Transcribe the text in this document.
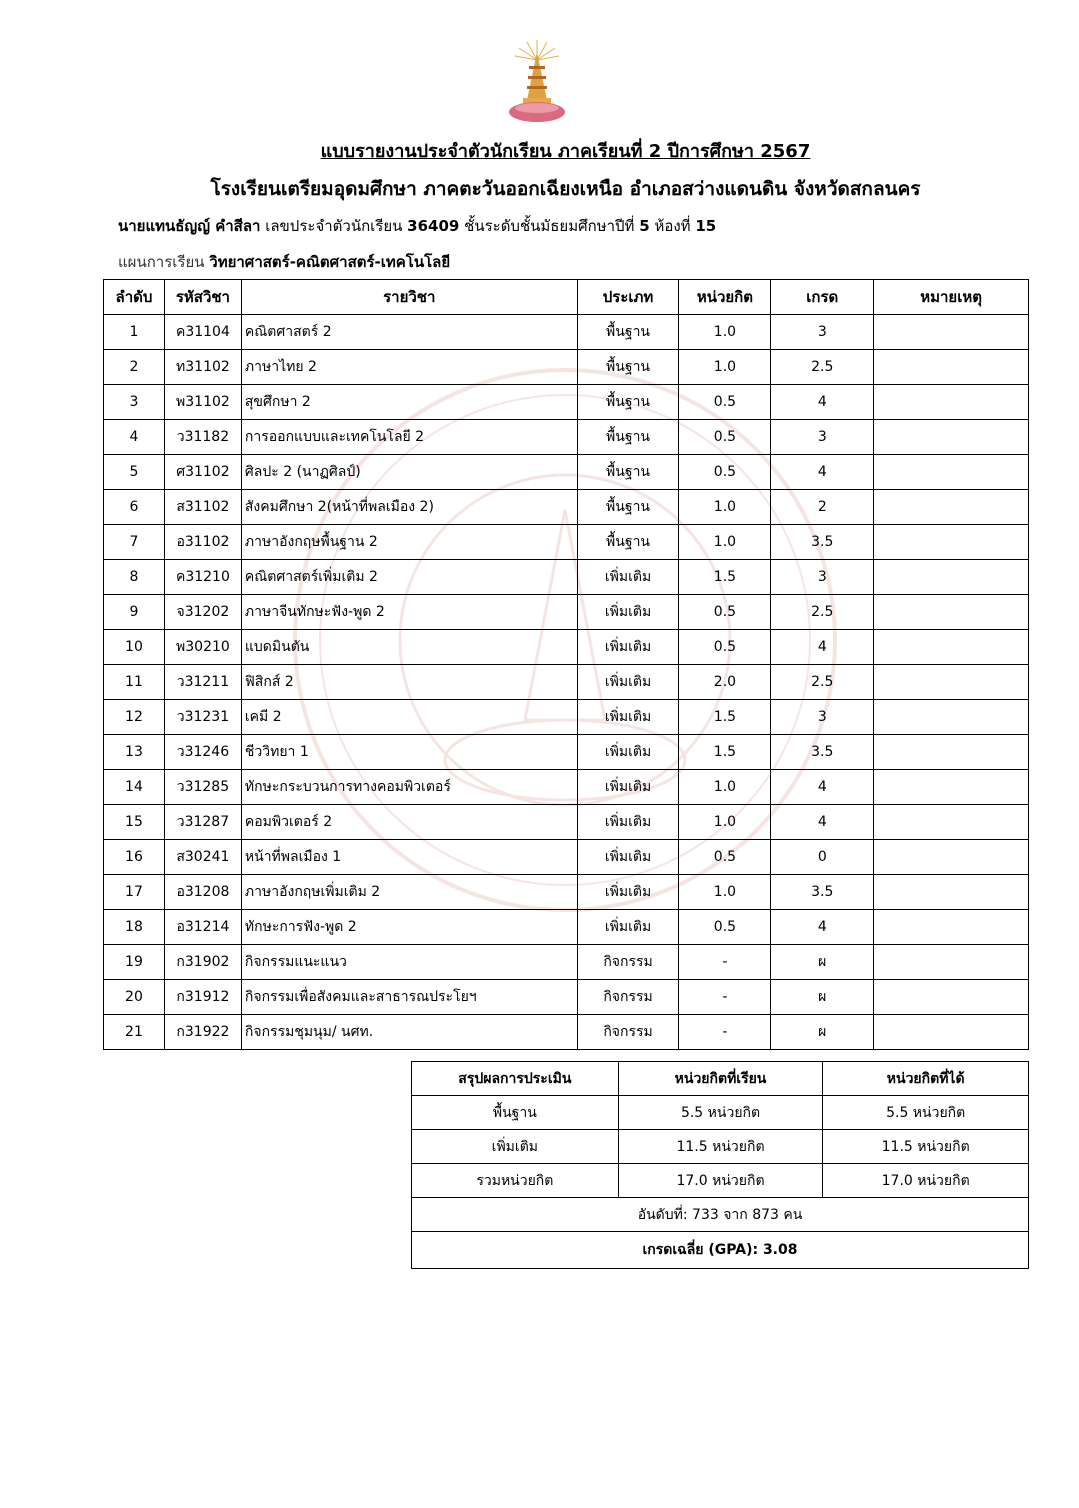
แบบรายงานประจำตัวนักเรียน ภาคเรียนที่ 2 ปีการศึกษา 2567
โรงเรียนเตรียมอุดมศึกษา ภาคตะวันออกเฉียงเหนือ อำเภอสว่างแดนดิน จังหวัดสกลนคร
นายแทนธัญญ์ คำสีลา เลขประจำตัวนักเรียน 36409 ชั้นระดับชั้นมัธยมศึกษาปีที่ 5 ห้องที่ 15
แผนการเรียน วิทยาศาสตร์-คณิตศาสตร์-เทคโนโลยี
ลำดับ	รหัสวิชา	รายวิชา	ประเภท	หน่วยกิต	เกรด	หมายเหตุ
1	ค31104	คณิตศาสตร์ 2	พื้นฐาน	1.0	3	
2	ท31102	ภาษาไทย 2	พื้นฐาน	1.0	2.5	
3	พ31102	สุขศึกษา 2	พื้นฐาน	0.5	4	
4	ว31182	การออกแบบและเทคโนโลยี 2	พื้นฐาน	0.5	3	
5	ศ31102	ศิลปะ 2 (นาฏศิลป์)	พื้นฐาน	0.5	4	
6	ส31102	สังคมศึกษา 2(หน้าที่พลเมือง 2)	พื้นฐาน	1.0	2	
7	อ31102	ภาษาอังกฤษพื้นฐาน 2	พื้นฐาน	1.0	3.5	
8	ค31210	คณิตศาสตร์เพิ่มเติม 2	เพิ่มเติม	1.5	3	
9	จ31202	ภาษาจีนทักษะฟัง-พูด 2	เพิ่มเติม	0.5	2.5	
10	พ30210	แบดมินตัน	เพิ่มเติม	0.5	4	
11	ว31211	ฟิสิกส์ 2	เพิ่มเติม	2.0	2.5	
12	ว31231	เคมี 2	เพิ่มเติม	1.5	3	
13	ว31246	ชีววิทยา 1	เพิ่มเติม	1.5	3.5	
14	ว31285	ทักษะกระบวนการทางคอมพิวเตอร์	เพิ่มเติม	1.0	4	
15	ว31287	คอมพิวเตอร์ 2	เพิ่มเติม	1.0	4	
16	ส30241	หน้าที่พลเมือง 1	เพิ่มเติม	0.5	0	
17	อ31208	ภาษาอังกฤษเพิ่มเติม 2	เพิ่มเติม	1.0	3.5	
18	อ31214	ทักษะการฟัง-พูด 2	เพิ่มเติม	0.5	4	
19	ก31902	กิจกรรมแนะแนว	กิจกรรม	-	ผ	
20	ก31912	กิจกรรมเพื่อสังคมและสาธารณประโยฯ	กิจกรรม	-	ผ	
21	ก31922	กิจกรรมชุมนุม/ นศท.	กิจกรรม	-	ผ	
สรุปผลการประเมิน	หน่วยกิตที่เรียน	หน่วยกิตที่ได้
พื้นฐาน	5.5 หน่วยกิต	5.5 หน่วยกิต
เพิ่มเติม	11.5 หน่วยกิต	11.5 หน่วยกิต
รวมหน่วยกิต	17.0 หน่วยกิต	17.0 หน่วยกิต
อันดับที่: 733 จาก 873 คน		
เกรดเฉลี่ย (GPA): 3.08		
